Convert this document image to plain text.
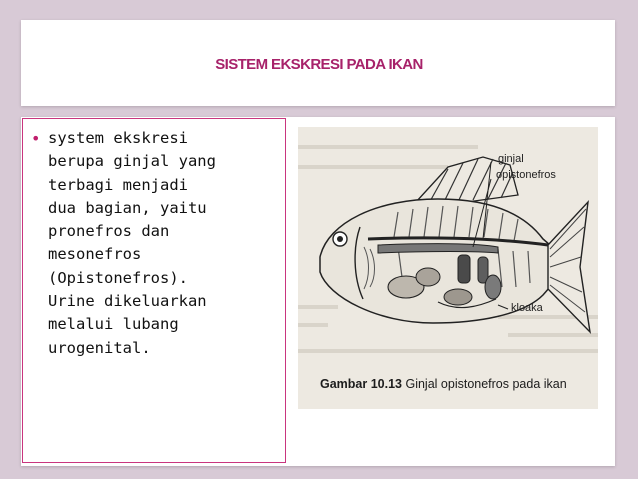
SISTEM EKSKRESI PADA IKAN
• system ekskresi
berupa ginjal yang
terbagi menjadi
dua bagian, yaitu
pronefros dan
mesonefros
(Opistonefros).
Urine dikeluarkan
melalui lubang
urogenital.
ginjal
opistonefros
kloaka
Gambar 10.13 Ginjal opistonefros pada ikan
